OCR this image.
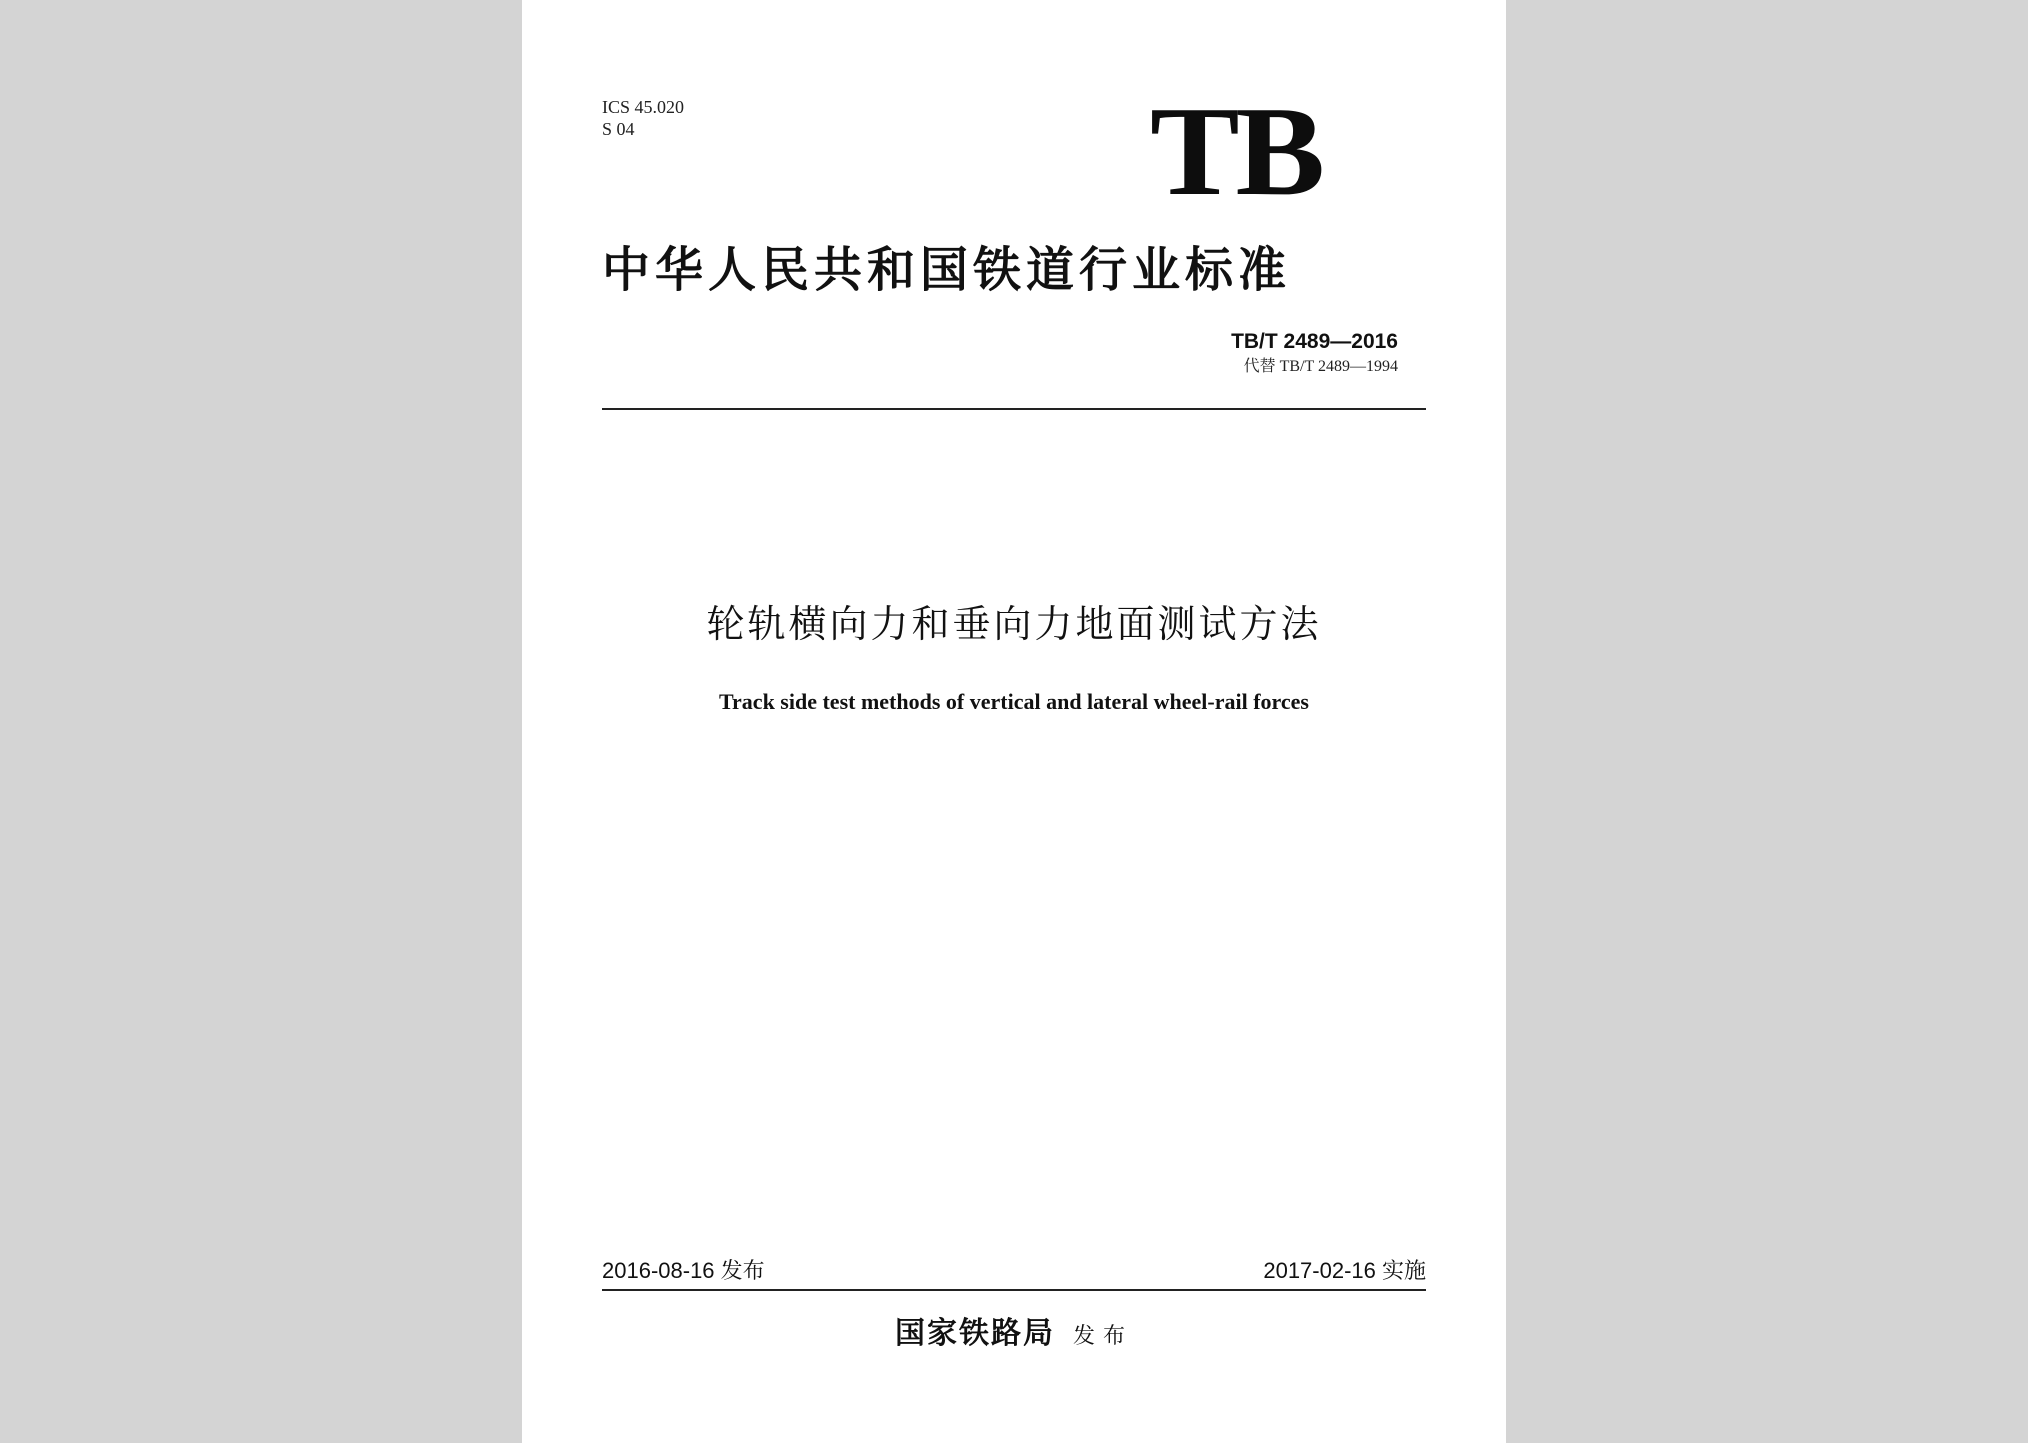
ICS 45.020
S 04	TB
中华人民共和国铁道行业标准
TB/T 2489—2016
代替 TB/T 2489—1994
轮轨横向力和垂向力地面测试方法
Track side test methods of vertical and lateral wheel-rail forces
2016-08-16 发布	2017-02-16 实施
国家铁路局 发布
